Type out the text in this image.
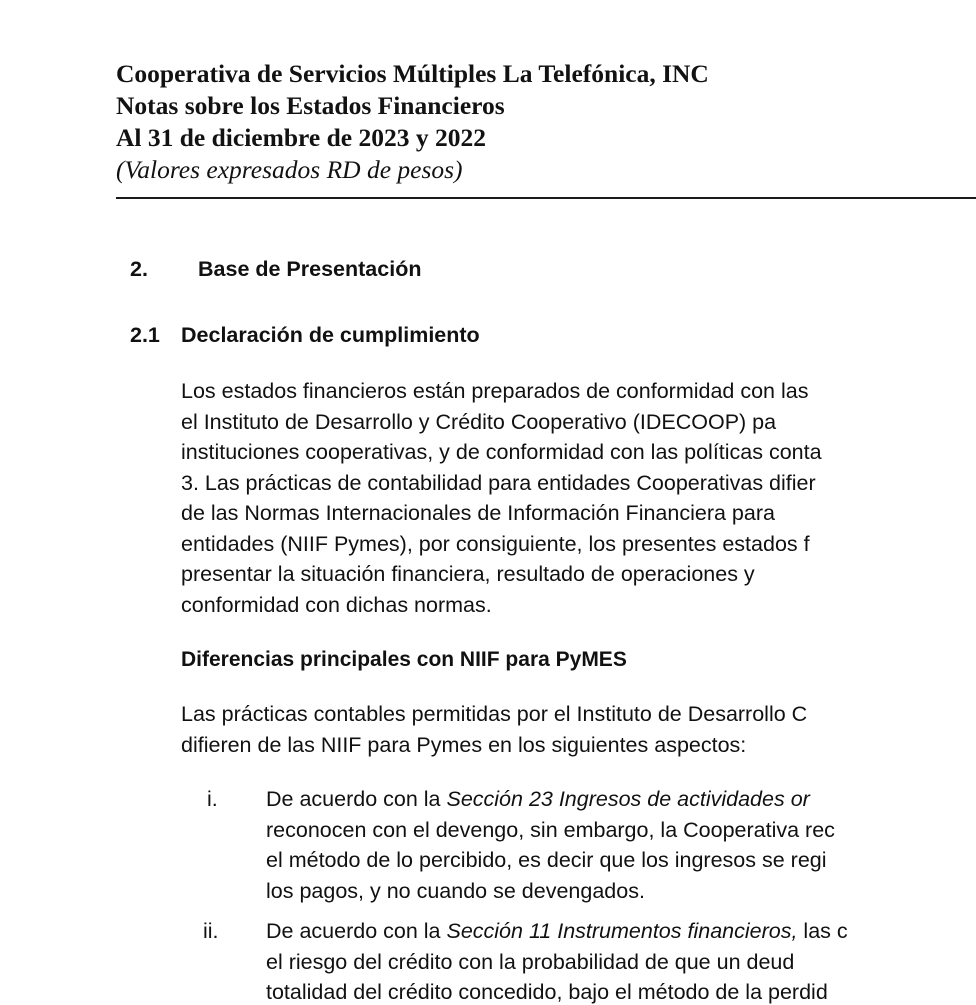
Cooperativa de Servicios Múltiples La Telefónica, INC
Notas sobre los Estados Financieros
Al 31 de diciembre de 2023 y 2022
(Valores expresados RD de pesos)
2. Base de Presentación
2.1 Declaración de cumplimiento

Los estados financieros están preparados de conformidad con las

el Instituto de Desarrollo y Crédito Cooperativo (IDECOOP) pa

instituciones cooperativas, y de conformidad con las políticas conta

3. Las prácticas de contabilidad para entidades Cooperativas difier

de las Normas Internacionales de Información Financiera para

entidades (NIIF Pymes), por consiguiente, los presentes estados f

presentar la situación financiera, resultado de operaciones y

conformidad con dichas normas.

Diferencias principales con NIIF para PyMES

Las prácticas contables permitidas por el Instituto de Desarrollo C

difieren de las NIIF para Pymes en los siguientes aspectos:

i. De acuerdo con la Sección 23 Ingresos de actividades or

reconocen con el devengo, sin embargo, la Cooperativa rec

el método de lo percibido, es decir que los ingresos se regi

los pagos, y no cuando se devengados.

ii. De acuerdo con la Sección 11 Instrumentos financieros, las c

el riesgo del crédito con la probabilidad de que un deud

totalidad del crédito concedido, bajo el método de la perdid
